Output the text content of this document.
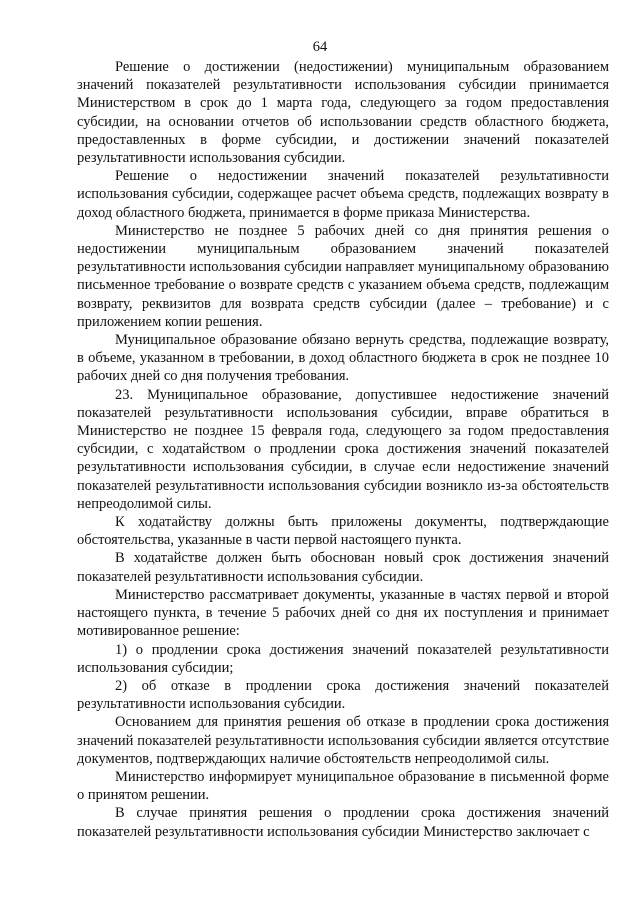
64

Решение о достижении (недостижении) муниципальным образованием значений показателей результативности использования субсидии принимается Министерством в срок до 1 марта года, следующего за годом предоставления субсидии, на основании отчетов об использовании средств областного бюджета, предоставленных в форме субсидии, и достижении значений показателей результативности использования субсидии.

Решение о недостижении значений показателей результативности использования субсидии, содержащее расчет объема средств, подлежащих возврату в доход областного бюджета, принимается в форме приказа Министерства.

Министерство не позднее 5 рабочих дней со дня принятия решения о недостижении муниципальным образованием значений показателей результативности использования субсидии направляет муниципальному образованию письменное требование о возврате средств с указанием объема средств, подлежащим возврату, реквизитов для возврата средств субсидии (далее – требование) и с приложением копии решения.

Муниципальное образование обязано вернуть средства, подлежащие возврату, в объеме, указанном в требовании, в доход областного бюджета в срок не позднее 10 рабочих дней со дня получения требования.

23. Муниципальное образование, допустившее недостижение значений показателей результативности использования субсидии, вправе обратиться в Министерство не позднее 15 февраля года, следующего за годом предоставления субсидии, с ходатайством о продлении срока достижения значений показателей результативности использования субсидии, в случае если недостижение значений показателей результативности использования субсидии возникло из-за обстоятельств непреодолимой силы.

К ходатайству должны быть приложены документы, подтверждающие обстоятельства, указанные в части первой настоящего пункта.

В ходатайстве должен быть обоснован новый срок достижения значений показателей результативности использования субсидии.

Министерство рассматривает документы, указанные в частях первой и второй настоящего пункта, в течение 5 рабочих дней со дня их поступления и принимает мотивированное решение:

1) о продлении срока достижения значений показателей результативности использования субсидии;

2) об отказе в продлении срока достижения значений показателей результативности использования субсидии.

Основанием для принятия решения об отказе в продлении срока достижения значений показателей результативности использования субсидии является отсутствие документов, подтверждающих наличие обстоятельств непреодолимой силы.

Министерство информирует муниципальное образование в письменной форме о принятом решении.

В случае принятия решения о продлении срока достижения значений показателей результативности использования субсидии Министерство заключает с
